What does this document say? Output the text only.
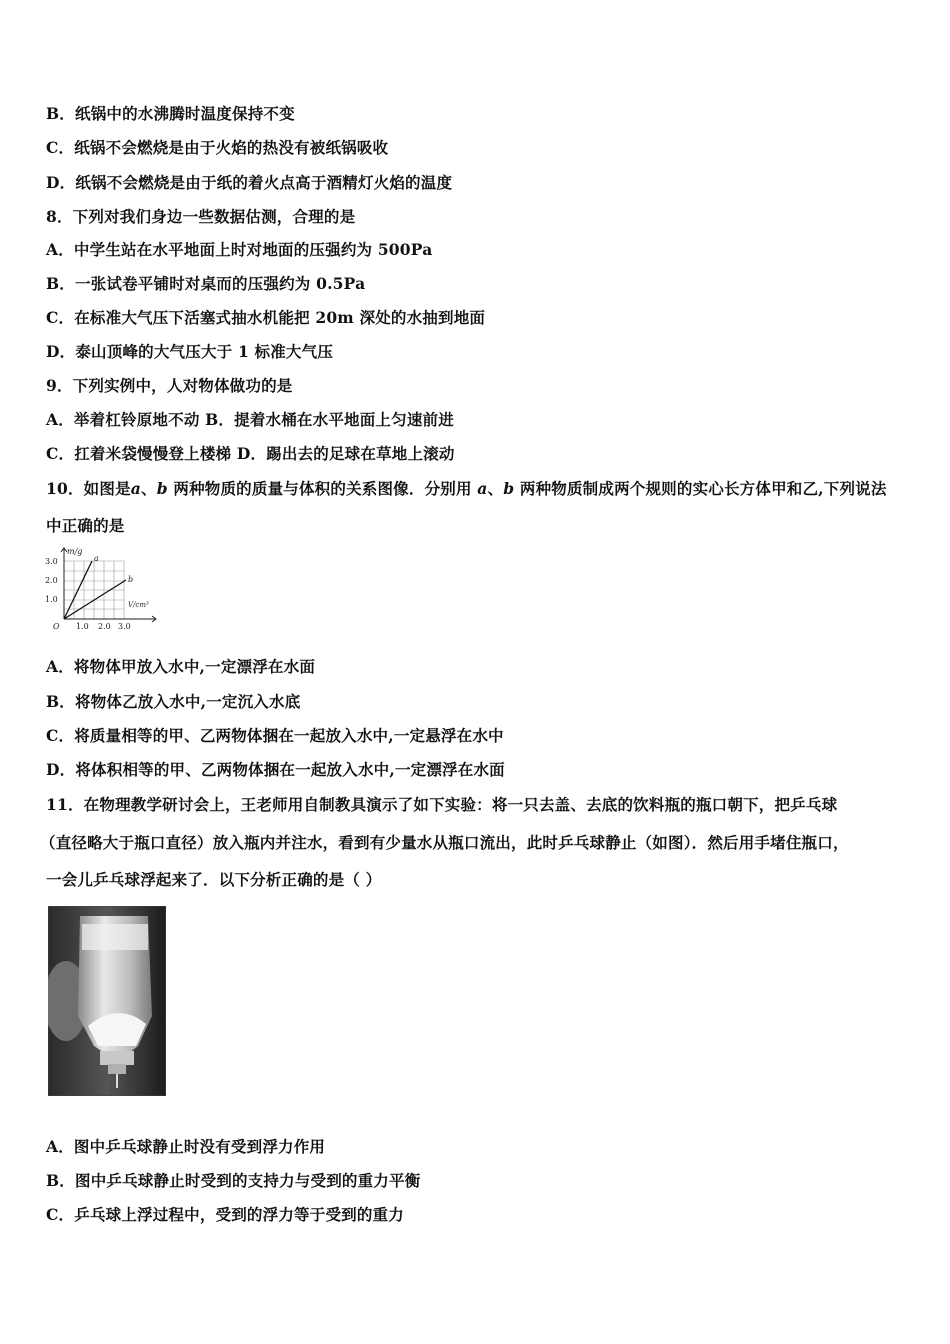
B．纸锅中的水沸腾时温度保持不变
C．纸锅不会燃烧是由于火焰的热没有被纸锅吸收
D．纸锅不会燃烧是由于纸的着火点高于酒精灯火焰的温度
8．下列对我们身边一些数据估测，合理的是
A．中学生站在水平地面上时对地面的压强约为 500Pa
B．一张试卷平铺时对桌而的压强约为 0.5Pa
C．在标准大气压下活塞式抽水机能把 20m 深处的水抽到地面
D．泰山顶峰的大气压大于 1 标准大气压
9．下列实例中，人对物体做功的是
A．举着杠铃原地不动 B．提着水桶在水平地面上匀速前进
C．扛着米袋慢慢登上楼梯 D．踢出去的足球在草地上滚动
10．如图是a、b 两种物质的质量与体积的关系图像．分别用 a、b 两种物质制成两个规则的实心长方体甲和乙,下列说法
中正确的是
m/g
a
b
V/cm³
3.0
2.0
1.0
O 1.0 2.0 3.0
A．将物体甲放入水中,一定漂浮在水面
B．将物体乙放入水中,一定沉入水底
C．将质量相等的甲、乙两物体捆在一起放入水中,一定悬浮在水中
D．将体积相等的甲、乙两物体捆在一起放入水中,一定漂浮在水面
11．在物理教学研讨会上，王老师用自制教具演示了如下实验：将一只去盖、去底的饮料瓶的瓶口朝下，把乒乓球
（直径略大于瓶口直径）放入瓶内并注水，看到有少量水从瓶口流出，此时乒乓球静止（如图）．然后用手堵住瓶口，
一会儿乒乓球浮起来了．以下分析正确的是（ ）
A．图中乒乓球静止时没有受到浮力作用
B．图中乒乓球静止时受到的支持力与受到的重力平衡
C．乒乓球上浮过程中，受到的浮力等于受到的重力
